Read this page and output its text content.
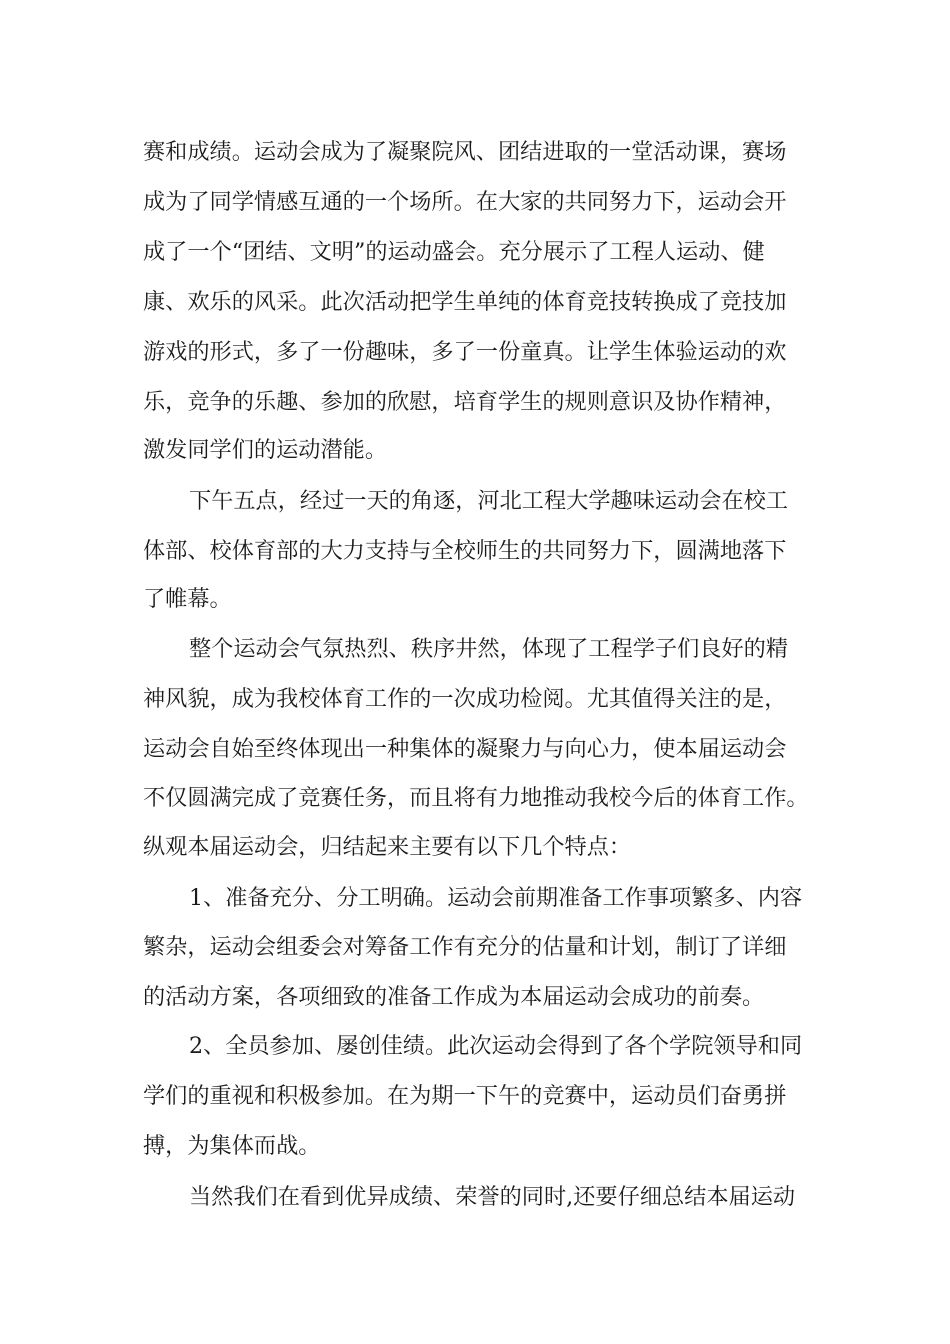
赛和成绩。运动会成为了凝聚院风、团结进取的一堂活动课，赛场
成为了同学情感互通的一个场所。在大家的共同努力下，运动会开
成了一个“团结、文明”的运动盛会。充分展示了工程人运动、健
康、欢乐的风采。此次活动把学生单纯的体育竞技转换成了竞技加
游戏的形式，多了一份趣味，多了一份童真。让学生体验运动的欢
乐，竞争的乐趣、参加的欣慰，培育学生的规则意识及协作精神，
激发同学们的运动潜能。
下午五点，经过一天的角逐，河北工程大学趣味运动会在校工
体部、校体育部的大力支持与全校师生的共同努力下，圆满地落下
了帷幕。
整个运动会气氛热烈、秩序井然，体现了工程学子们良好的精
神风貌，成为我校体育工作的一次成功检阅。尤其值得关注的是，
运动会自始至终体现出一种集体的凝聚力与向心力，使本届运动会
不仅圆满完成了竞赛任务，而且将有力地推动我校今后的体育工作。
纵观本届运动会，归结起来主要有以下几个特点：
1、准备充分、分工明确。运动会前期准备工作事项繁多、内容
繁杂，运动会组委会对筹备工作有充分的估量和计划，制订了详细
的活动方案，各项细致的准备工作成为本届运动会成功的前奏。
2、全员参加、屡创佳绩。此次运动会得到了各个学院领导和同
学们的重视和积极参加。在为期一下午的竞赛中，运动员们奋勇拼
搏，为集体而战。
当然我们在看到优异成绩、荣誉的同时,还要仔细总结本届运动
